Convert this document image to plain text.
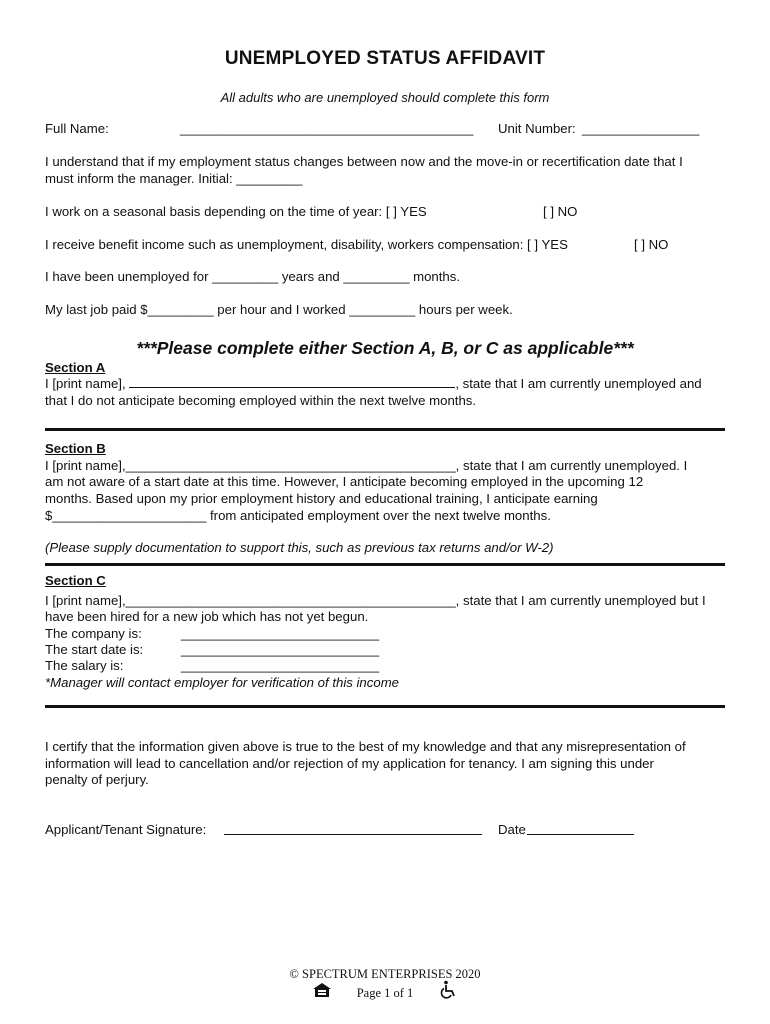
UNEMPLOYED STATUS AFFIDAVIT
All adults who are unemployed should complete this form
Full Name:	________________________________________ Unit Number: ________________
I understand that if my employment status changes between now and the move-in or recertification date that I
must inform the manager. Initial: _________
I work on a seasonal basis depending on the time of year: [ ] YES	[ ] NO
I receive benefit income such as unemployment, disability, workers compensation: [ ] YES	[ ] NO
I have been unemployed for _________ years and _________ months.
My last job paid $_________ per hour and I worked _________ hours per week.
***Please complete either Section A, B, or C as applicable***
Section A
I [print name],	, state that I am currently unemployed and
that I do not anticipate becoming employed within the next twelve months.
Section B
I [print name],_____________________________________________, state that I am currently unemployed. I
am not aware of a start date at this time. However, I anticipate becoming employed in the upcoming 12
months. Based upon my prior employment history and educational training, I anticipate earning
$_____________________ from anticipated employment over the next twelve months.
(Please supply documentation to support this, such as previous tax returns and/or W-2)
Section C
I [print name],_____________________________________________, state that I am currently unemployed but I
have been hired for a new job which has not yet begun.
The company is:	___________________________
The start date is:	___________________________
The salary is:	___________________________
*Manager will contact employer for verification of this income
I certify that the information given above is true to the best of my knowledge and that any misrepresentation of
information will lead to cancellation and/or rejection of my application for tenancy. I am signing this under
penalty of perjury.
Applicant/Tenant Signature:	Date
© SPECTRUM ENTERPRISES 2020
Page 1 of 1
